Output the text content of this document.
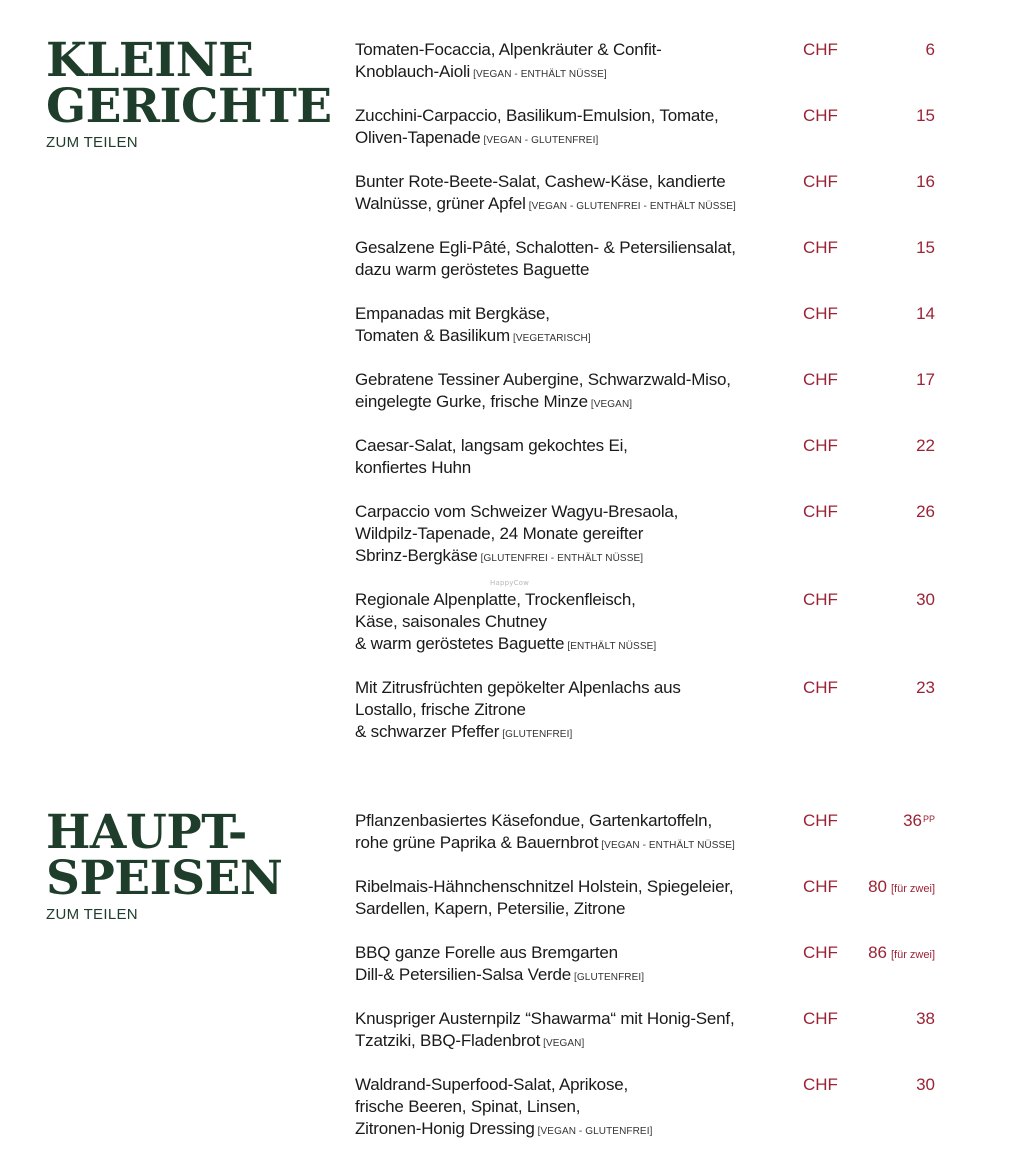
KLEINE
GERICHTE
ZUM TEILEN
Tomaten-Focaccia, Alpenkräuter & Confit-
Knoblauch-Aioli [VEGAN - ENTHÄLT NÜSSE]
CHF	6
Zucchini-Carpaccio, Basilikum-Emulsion, Tomate,
Oliven-Tapenade [VEGAN - GLUTENFREI]
CHF	15
Bunter Rote-Beete-Salat, Cashew-Käse, kandierte
Walnüsse, grüner Apfel [VEGAN - GLUTENFREI - ENTHÄLT NÜSSE]
CHF	16
Gesalzene Egli-Pâté, Schalotten- & Petersiliensalat,
dazu warm geröstetes Baguette
CHF	15
Empanadas mit Bergkäse,
Tomaten & Basilikum [VEGETARISCH]
CHF	14
Gebratene Tessiner Aubergine, Schwarzwald-Miso,
eingelegte Gurke, frische Minze [VEGAN]
CHF	17
Caesar-Salat, langsam gekochtes Ei,
konfiertes Huhn
CHF	22
Carpaccio vom Schweizer Wagyu-Bresaola,
Wildpilz-Tapenade, 24 Monate gereifter
Sbrinz-Bergkäse [GLUTENFREI - ENTHÄLT NÜSSE]
CHF	26
Regionale Alpenplatte, Trockenfleisch,
Käse, saisonales Chutney
& warm geröstetes Baguette [ENTHÄLT NÜSSE]
CHF	30
Mit Zitrusfrüchten gepökelter Alpenlachs aus
Lostallo, frische Zitrone
& schwarzer Pfeffer [GLUTENFREI]
CHF	23
HappyCow
HAUPT-
SPEISEN
ZUM TEILEN
Pflanzenbasiertes Käsefondue, Gartenkartoffeln,
rohe grüne Paprika & Bauernbrot [VEGAN - ENTHÄLT NÜSSE]
CHF	$36^{PP}$
Ribelmais-Hähnchenschnitzel Holstein, Spiegeleier,
Sardellen, Kapern, Petersilie, Zitrone
CHF 80 [für zwei]
BBQ ganze Forelle aus Bremgarten
Dill-& Petersilien-Salsa Verde [GLUTENFREI]
CHF 86 [für zwei]
Knuspriger Austernpilz “Shawarma“ mit Honig-Senf,
Tzatziki, BBQ-Fladenbrot [VEGAN]
CHF	38
Waldrand-Superfood-Salat, Aprikose,
frische Beeren, Spinat, Linsen,
Zitronen-Honig Dressing [VEGAN - GLUTENFREI]
CHF	30
